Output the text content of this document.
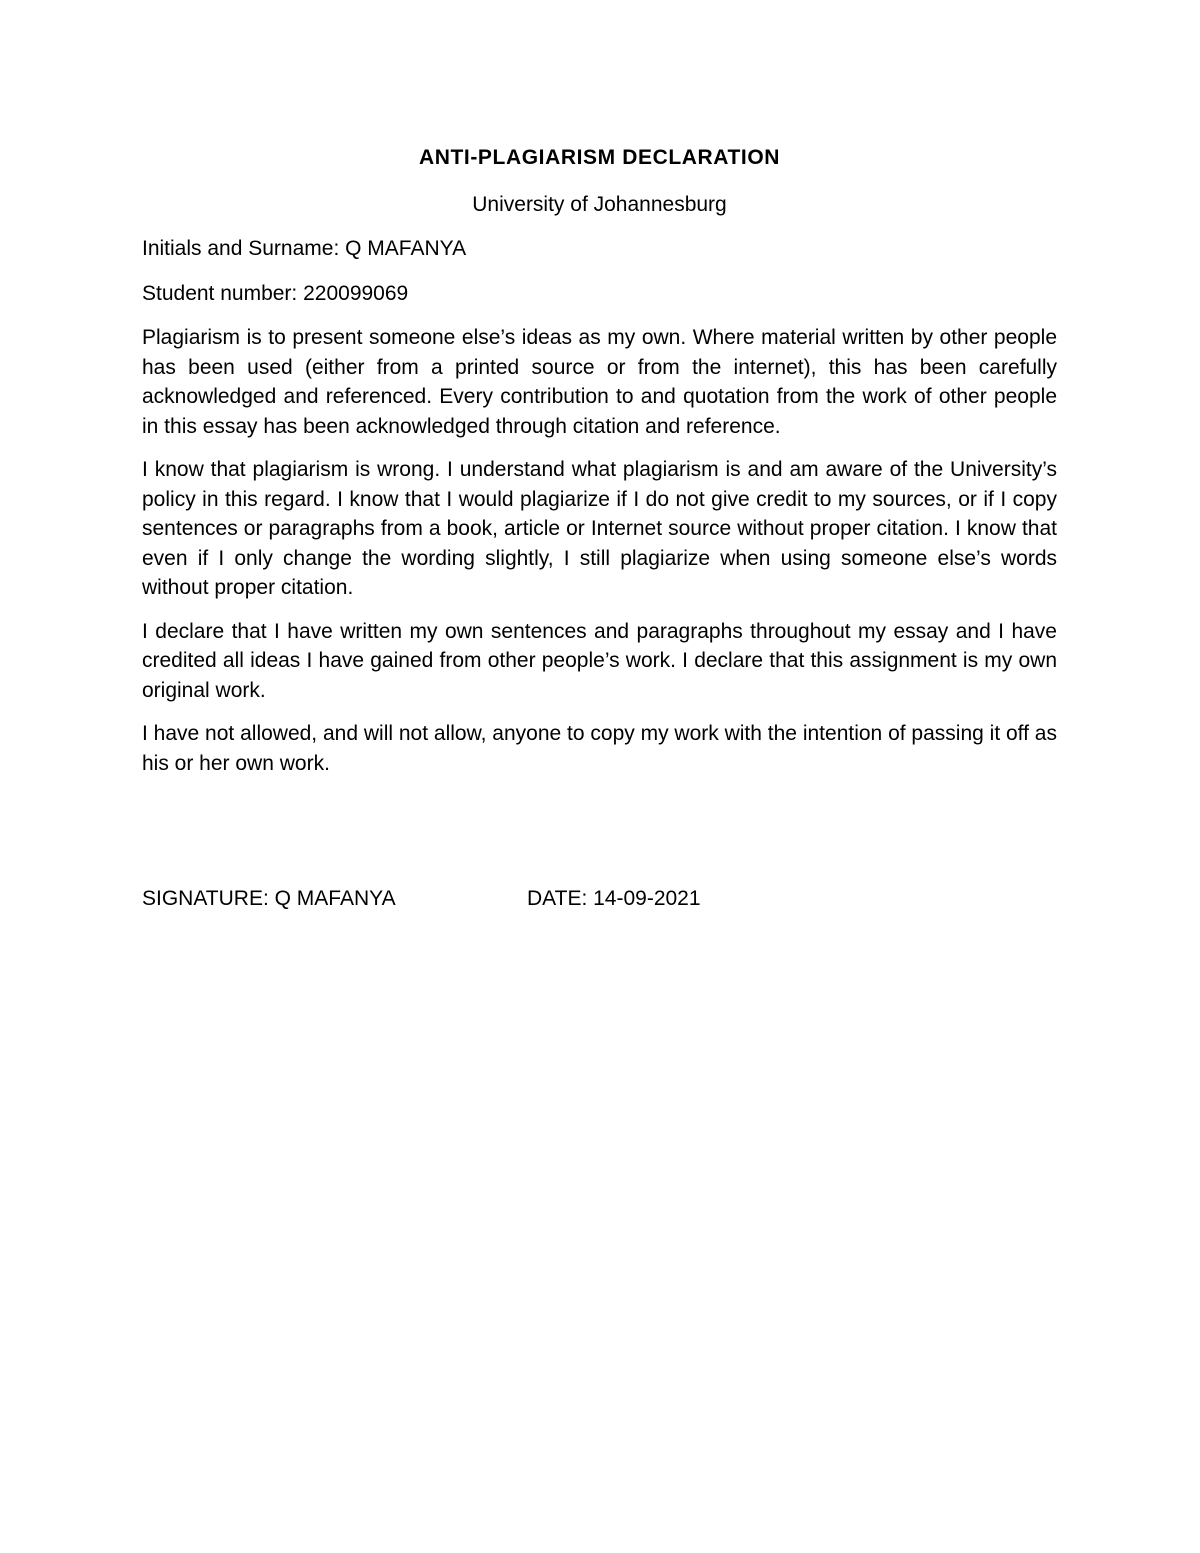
ANTI-PLAGIARISM DECLARATION

University of Johannesburg

Initials and Surname: Q MAFANYA

Student number: 220099069

Plagiarism is to present someone else’s ideas as my own. Where material written by other people has been used (either from a printed source or from the internet), this has been carefully acknowledged and referenced. Every contribution to and quotation from the work of other people in this essay has been acknowledged through citation and reference.

I know that plagiarism is wrong. I understand what plagiarism is and am aware of the University’s policy in this regard. I know that I would plagiarize if I do not give credit to my sources, or if I copy sentences or paragraphs from a book, article or Internet source without proper citation. I know that even if I only change the wording slightly, I still plagiarize when using someone else’s words without proper citation.

I declare that I have written my own sentences and paragraphs throughout my essay and I have credited all ideas I have gained from other people’s work. I declare that this assignment is my own original work.

I have not allowed, and will not allow, anyone to copy my work with the intention of passing it off as his or her own work.

SIGNATURE: Q MAFANYA	DATE: 14-09-2021
